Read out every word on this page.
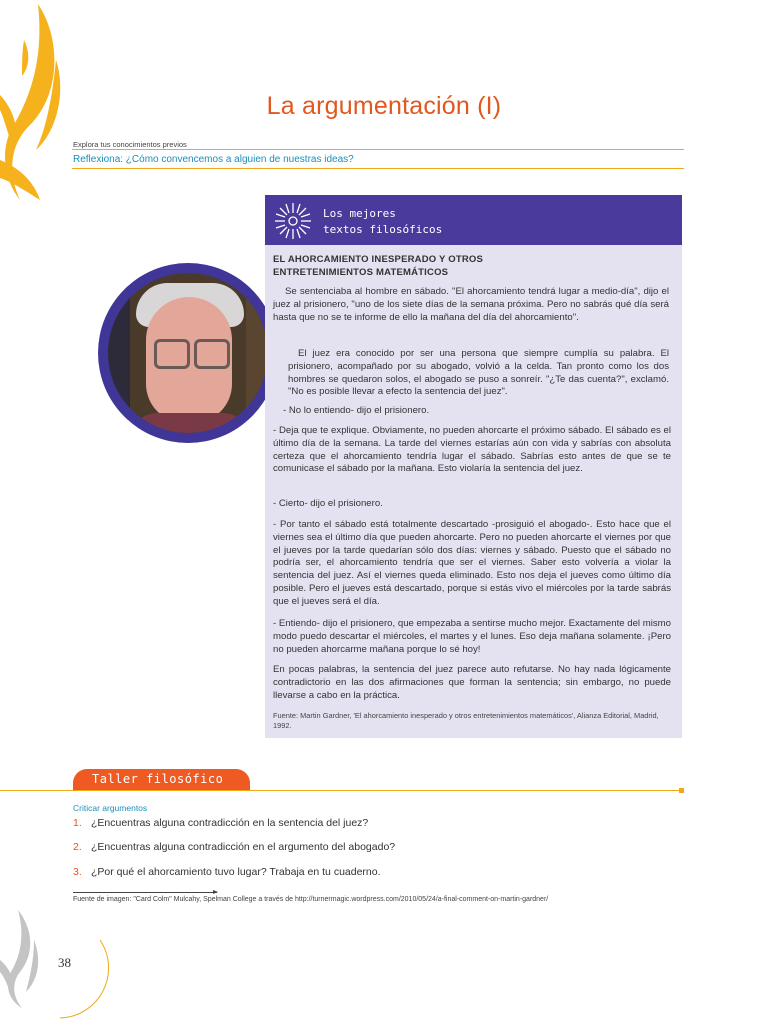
La argumentación (I)
Explora tus conocimientos previos
Reflexiona: ¿Cómo convencemos a alguien de nuestras ideas?
Los mejores
textos filosóficos
EL AHORCAMIENTO INESPERADO Y OTROS
ENTRETENIMIENTOS MATEMÁTICOS
Se sentenciaba al hombre en sábado. "El ahorcamiento tendrá lugar a medio-día", dijo el juez al prisionero, "uno de los siete días de la semana próxima. Pero no sabrás qué día será hasta que no se te informe de ello la mañana del día del ahorcamiento".
El juez era conocido por ser una persona que siempre cumplía su palabra. El prisionero, acompañado por su abogado, volvió a la celda. Tan pronto como los dos hombres se quedaron solos, el abogado se puso a sonreír. "¿Te das cuenta?", exclamó. "No es posible llevar a efecto la sentencia del juez".
- No lo entiendo- dijo el prisionero.
- Deja que te explique. Obviamente, no pueden ahorcarte el próximo sábado. El sábado es el último día de la semana. La tarde del viernes estarías aún con vida y sabrías con absoluta certeza que el ahorcamiento tendría lugar el sábado. Sabrías esto antes de que se te comunicase el sábado por la mañana. Esto violaría la sentencia del juez.
- Cierto- dijo el prisionero.
- Por tanto el sábado está totalmente descartado -prosiguió el abogado-. Esto hace que el viernes sea el último día que pueden ahorcarte. Pero no pueden ahorcarte el viernes por que el jueves por la tarde quedarían sólo dos días: viernes y sábado. Puesto que el sábado no podría ser, el ahorcamiento tendría que ser el viernes. Saber esto volvería a violar la sentencia del juez. Así el viernes queda eliminado. Esto nos deja el jueves como último día posible. Pero el jueves está descartado, porque si estás vivo el miércoles por la tarde sabrás que el jueves será el día.
- Entiendo- dijo el prisionero, que empezaba a sentirse mucho mejor. Exactamente del mismo modo puedo descartar el miércoles, el martes y el lunes. Eso deja mañana solamente. ¡Pero no pueden ahorcarme mañana porque lo sé hoy!
En pocas palabras, la sentencia del juez parece auto refutarse. No hay nada lógicamente contradictorio en las dos afirmaciones que forman la sentencia; sin embargo, no puede llevarse a cabo en la práctica.
Fuente: Martin Gardner, 'El ahorcamiento inesperado y otros entretenimientos matemáticos', Alianza Editorial, Madrid, 1992.
Taller filosófico
Criticar argumentos
1. ¿Encuentras alguna contradicción en la sentencia del juez?
2. ¿Encuentras alguna contradicción en el argumento del abogado?
3. ¿Por qué el ahorcamiento tuvo lugar? Trabaja en tu cuaderno.
Fuente de imagen: "Card Colm" Mulcahy, Spelman College a través de http://turnermagic.wordpress.com/2010/05/24/a-final-comment-on-martin-gardner/
38
